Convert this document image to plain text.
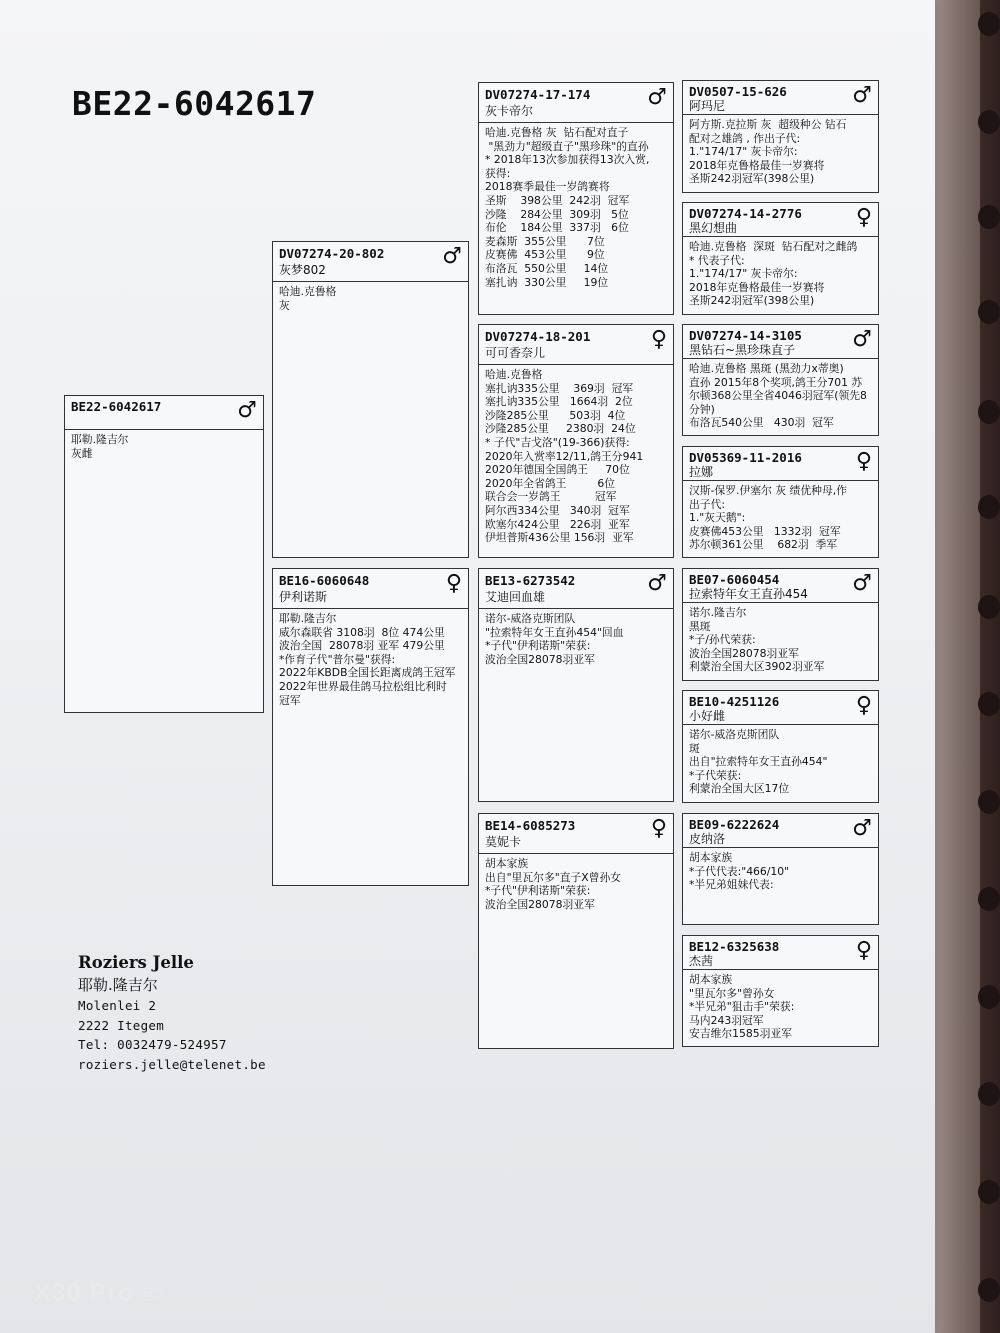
BE22-6042617
BE22-6042617	♂
耶勒.隆吉尔
灰雌
DV07274-20-802
灰梦802
♂
哈迪.克鲁格
灰
BE16-6060648
伊利诺斯
♀
耶勒.隆吉尔
威尔森联省 3108羽  8位 474公里
波治全国  28078羽 亚军 479公里
*作育子代"普尔曼"获得:
2022年KBDB全国长距离成鸽王冠军
2022年世界最佳鸽马拉松组比利时
冠军
DV07274-17-174
灰卡帝尔
♂
哈迪.克鲁格 灰  钻石配对直子
"黑劲力"超级直子"黑珍珠"的直孙
* 2018年13次参加获得13次入赏,
获得:
2018赛季最佳一岁鸽赛将
圣斯    398公里  242羽  冠军
沙隆    284公里  309羽   5位
布伦    184公里  337羽   6位
麦森斯  355公里      7位
皮赛佛  453公里      9位
布洛瓦  550公里     14位
塞扎讷  330公里     19位
DV07274-18-201
可可香奈儿
♀
哈迪.克鲁格
塞扎讷335公里    369羽  冠军
塞扎讷335公里   1664羽  2位
沙隆285公里      503羽  4位
沙隆285公里     2380羽  24位
* 子代"吉戈洛"(19-366)获得:
2020年入赏率12/11,鸽王分941
2020年德国全国鸽王     70位
2020年全省鸽王         6位
联合会一岁鸽王          冠军
阿尔西334公里   340羽  冠军
欧塞尔424公里   226羽  亚军
伊坦普斯436公里 156羽  亚军
BE13-6273542
艾迪回血雄
♂
诺尔-威洛克斯团队
"拉索特年女王直孙454"回血
*子代"伊利诺斯"荣获:
波治全国28078羽亚军
BE14-6085273
莫妮卡
♀
胡本家族
出自"里瓦尔多"直子X曾孙女
*子代"伊利诺斯"荣获:
波治全国28078羽亚军
DV0507-15-626
阿玛尼	♂
阿方斯.克拉斯 灰  超级种公 钻石
配对之雄鸽 , 作出子代:
1."174/17" 灰卡帝尔:
2018年克鲁格最佳一岁赛将
圣斯242羽冠军(398公里)
DV07274-14-2776
黑幻想曲	♀
哈迪.克鲁格  深斑  钻石配对之雌鸽
* 代表子代:
1."174/17" 灰卡帝尔:
2018年克鲁格最佳一岁赛将
圣斯242羽冠军(398公里)
DV07274-14-3105
黑钻石~黑珍珠直子	♂
哈迪.克鲁格 黑斑 (黑劲力x蒂奥)
直孙 2015年8个奖项,鸽王分701 苏
尔顿368公里全省4046羽冠军(领先8
分钟)
布洛瓦540公里   430羽  冠军
DV05369-11-2016
拉娜	♀
汉斯-保罗.伊塞尔 灰 绩优种母,作
出子代:
1."灰天鹅":
皮赛佛453公里   1332羽  冠军
苏尔顿361公里    682羽  季军
BE07-6060454
拉索特年女王直孙454	♂
诺尔.隆吉尔
黑斑
*子/孙代荣获:
波治全国28078羽亚军
利蒙治全国大区3902羽亚军
BE10-4251126
小好雌	♀
诺尔-威洛克斯团队
斑
出自"拉索特年女王直孙454"
*子代荣获:
利蒙治全国大区17位
BE09-6222624
皮纳洛	♂
胡本家族
*子代代表:"466/10"
*半兄弟姐妹代表:
BE12-6325638
杰茜	♀
胡本家族
"里瓦尔多"曾孙女
*半兄弟"狙击手"荣获:
马内243羽冠军
安吉维尔1585羽亚军
Roziers Jelle
耶勒.隆吉尔
Molenlei 2
2222 Itegem
Tel: 0032479-524957
roziers.jelle@telenet.be
X30 Pro 5G
